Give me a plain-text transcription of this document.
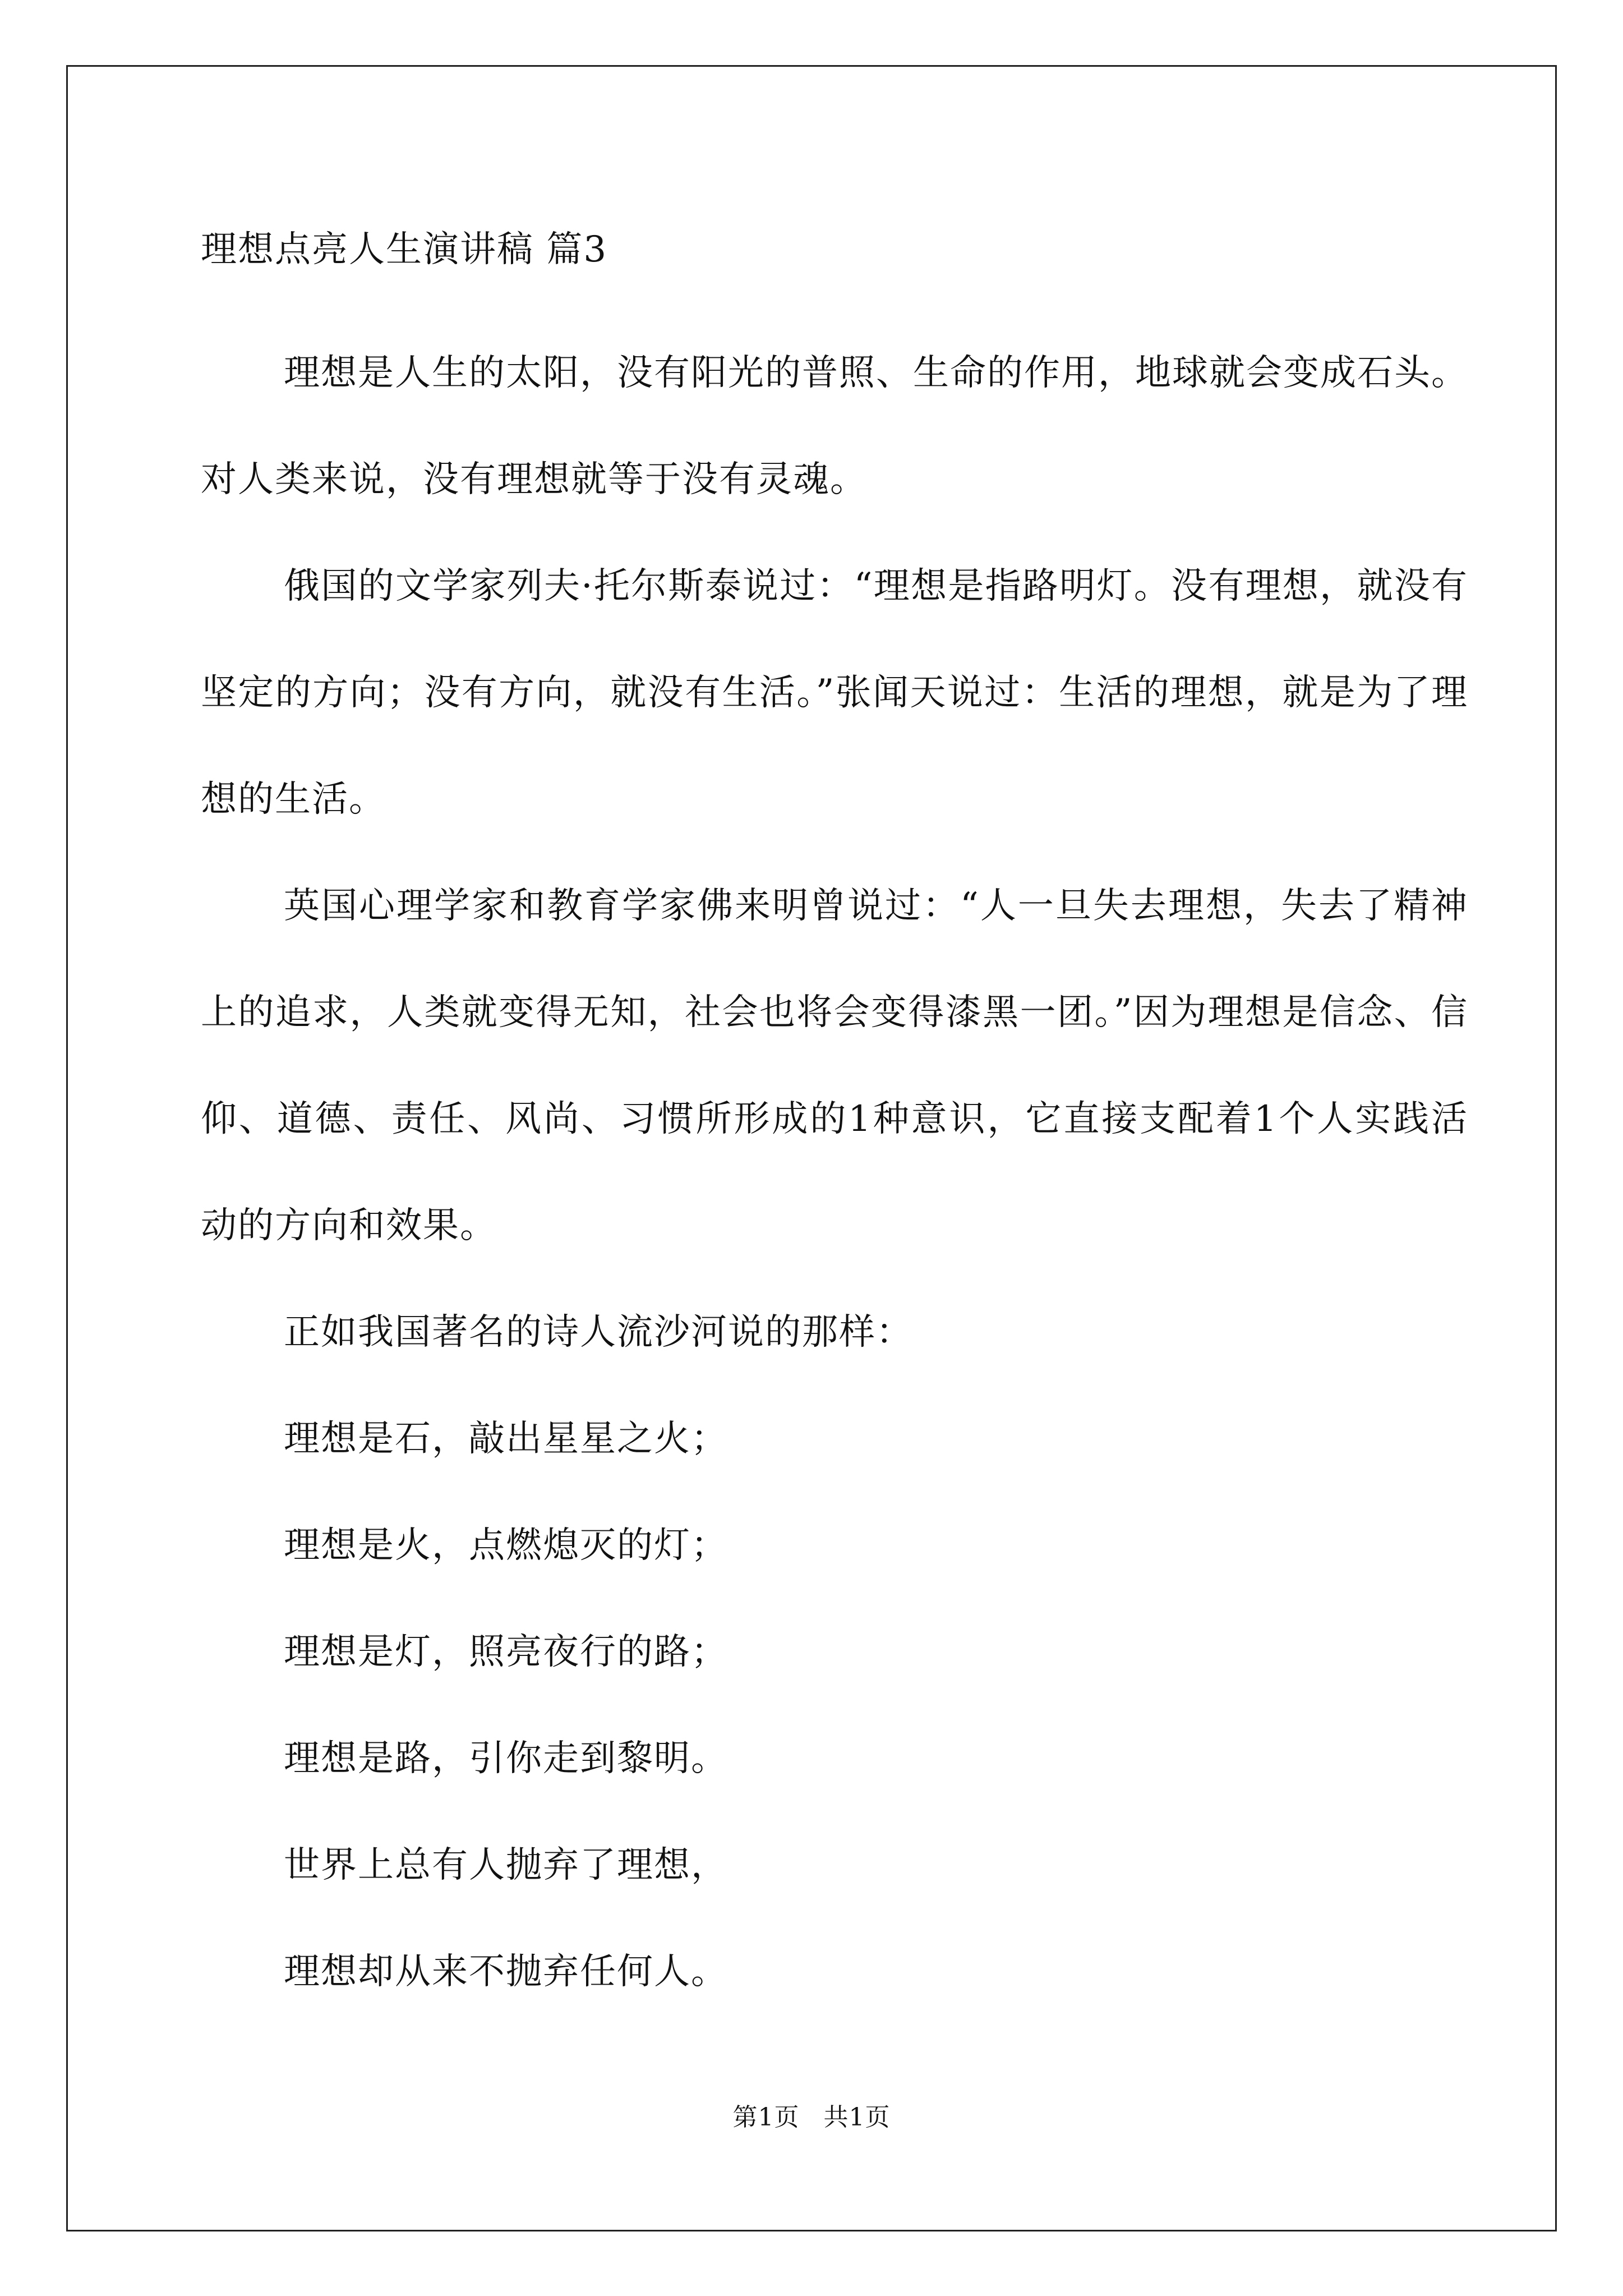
理想点亮人生演讲稿 篇3

理想是人生的太阳，没有阳光的普照、生命的作用，地球就会变成石头。对人类来说，没有理想就等于没有灵魂。

俄国的文学家列夫·托尔斯泰说过：“理想是指路明灯。没有理想，就没有坚定的方向；没有方向，就没有生活。”张闻天说过：生活的理想，就是为了理想的生活。

英国心理学家和教育学家佛来明曾说过：“人一旦失去理想，失去了精神上的追求，人类就变得无知，社会也将会变得漆黑一团。”因为理想是信念、信仰、道德、责任、风尚、习惯所形成的1种意识，它直接支配着1个人实践活动的方向和效果。

正如我国著名的诗人流沙河说的那样：

理想是石，敲出星星之火；

理想是火，点燃熄灭的灯；

理想是灯，照亮夜行的路；

理想是路，引你走到黎明。

世界上总有人抛弃了理想，

理想却从来不抛弃任何人。

第1页 共1页
